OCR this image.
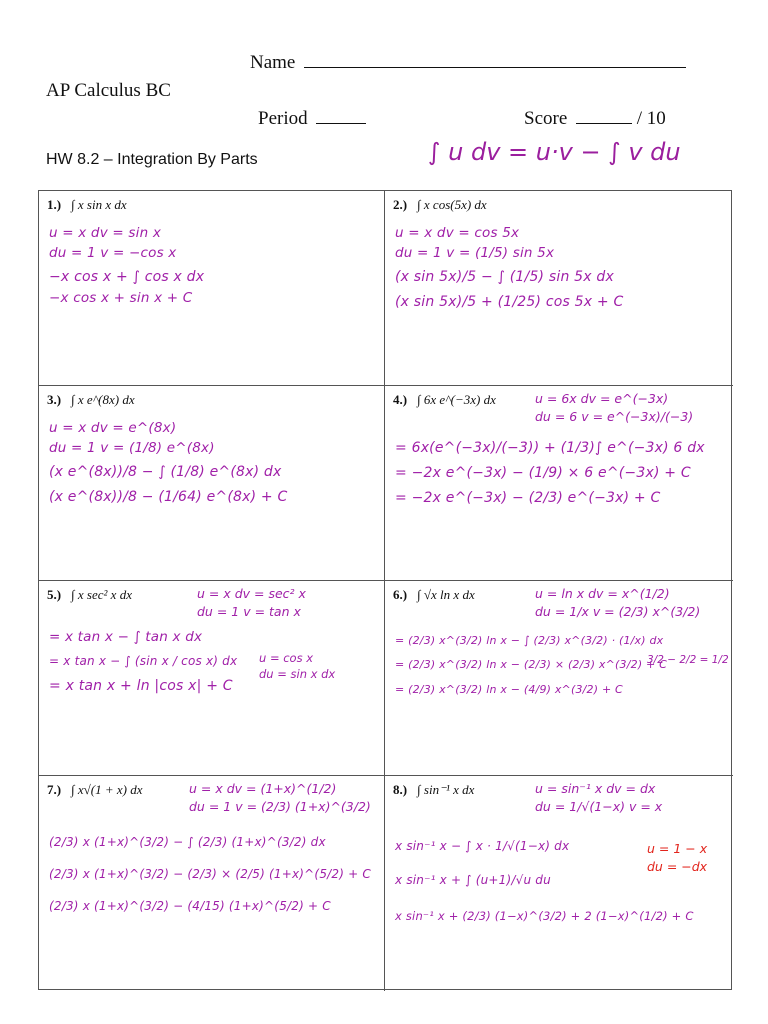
Name
AP Calculus BC
Period	Score	/ 10
HW 8.2 – Integration By Parts	∫ u dv = u·v − ∫ v du
1.) ∫ x sin x dx
u = x dv = sin x
du = 1 v = −cos x
−x cos x + ∫ cos x dx
−x cos x + sin x + C
2.) ∫ x cos(5x) dx
u = x dv = cos 5x
du = 1 v = (1/5) sin 5x
(x sin 5x)/5 − ∫ (1/5) sin 5x dx
(x sin 5x)/5 + (1/25) cos 5x + C
3.) ∫ x e^(8x) dx
u = x dv = e^(8x)
du = 1 v = (1/8) e^(8x)
(x e^(8x))/8 − ∫ (1/8) e^(8x) dx
(x e^(8x))/8 − (1/64) e^(8x) + C
4.) ∫ 6x e^(−3x) dx	u = 6x dv = e^(−3x)
du = 6 v = e^(−3x)/(−3)
= 6x(e^(−3x)/(−3)) + (1/3)∫ e^(−3x) 6 dx
= −2x e^(−3x) − (1/9) × 6 e^(−3x) + C
= −2x e^(−3x) − (2/3) e^(−3x) + C
5.) ∫ x sec² x dx	u = x dv = sec² x
du = 1 v = tan x
u = cos x
du = sin x dx
= x tan x − ∫ tan x dx
= x tan x − ∫ (sin x / cos x) dx
= x tan x + ln |cos x| + C
6.) ∫ √x ln x dx	u = ln x dv = x^(1/2)
du = 1/x v = (2/3) x^(3/2)
3/2 − 2/2 = 1/2
= (2/3) x^(3/2) ln x − ∫ (2/3) x^(3/2) · (1/x) dx
= (2/3) x^(3/2) ln x − (2/3) × (2/3) x^(3/2) + C
= (2/3) x^(3/2) ln x − (4/9) x^(3/2) + C
7.) ∫ x√(1 + x) dx	u = x dv = (1+x)^(1/2)
du = 1 v = (2/3) (1+x)^(3/2)
(2/3) x (1+x)^(3/2) − ∫ (2/3) (1+x)^(3/2) dx
(2/3) x (1+x)^(3/2) − (2/3) × (2/5) (1+x)^(5/2) + C
(2/3) x (1+x)^(3/2) − (4/15) (1+x)^(5/2) + C
8.) ∫ sin⁻¹ x dx	u = sin⁻¹ x dv = dx
du = 1/√(1−x) v = x
u = 1 − x
du = −dx
x sin⁻¹ x − ∫ x · 1/√(1−x) dx
x sin⁻¹ x + ∫ (u+1)/√u du
x sin⁻¹ x + (2/3) (1−x)^(3/2) + 2 (1−x)^(1/2) + C
